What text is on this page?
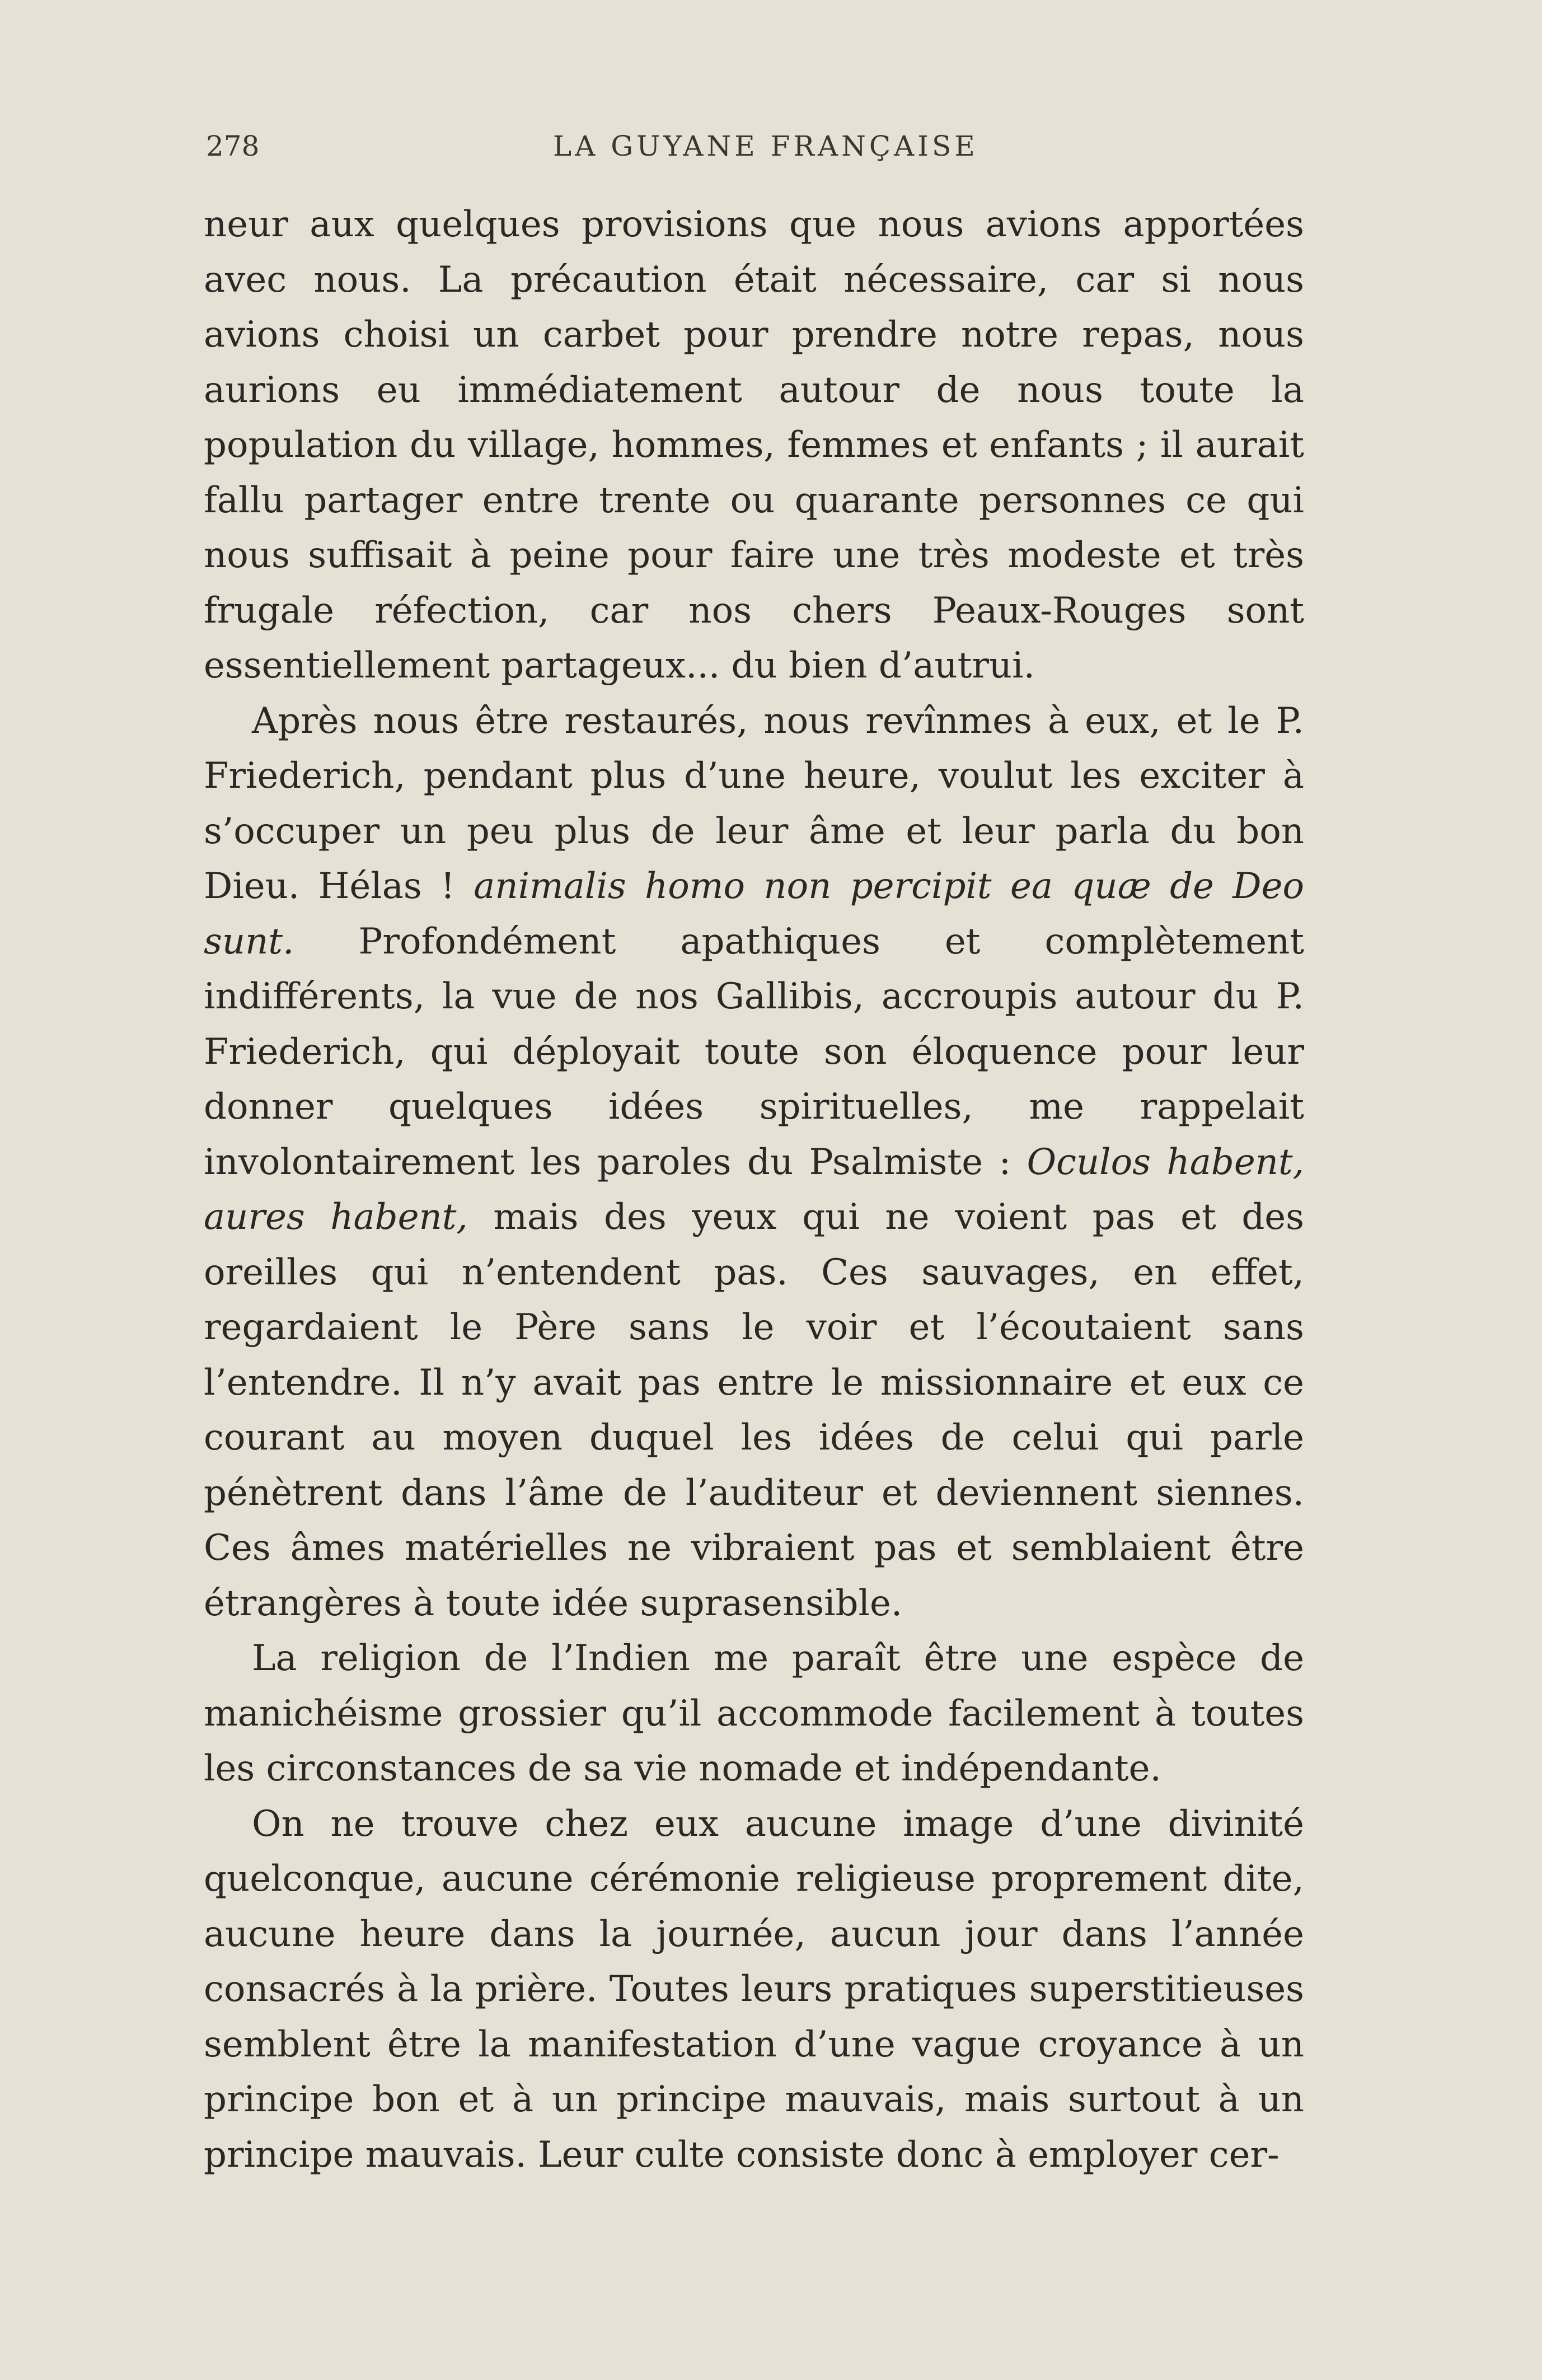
278	LA GUYANE FRANÇAISE

neur aux quelques provisions que nous avions apportées avec nous. La précaution était nécessaire, car si nous avions choisi un carbet pour prendre notre repas, nous aurions eu immédiatement autour de nous toute la population du village, hommes, femmes et enfants ; il aurait fallu partager entre trente ou quarante personnes ce qui nous suffisait à peine pour faire une très modeste et très frugale réfection, car nos chers Peaux-Rouges sont essentiellement partageux... du bien d’autrui.

Après nous être restaurés, nous revînmes à eux, et le P. Friederich, pendant plus d’une heure, voulut les exciter à s’occuper un peu plus de leur âme et leur parla du bon Dieu. Hélas ! animalis homo non percipit ea quæ de Deo sunt. Profondément apathiques et complètement indifférents, la vue de nos Gallibis, accroupis autour du P. Friederich, qui déployait toute son éloquence pour leur donner quelques idées spirituelles, me rappelait involontairement les paroles du Psalmiste : Oculos habent, aures habent, mais des yeux qui ne voient pas et des oreilles qui n’entendent pas. Ces sauvages, en effet, regardaient le Père sans le voir et l’écoutaient sans l’entendre. Il n’y avait pas entre le missionnaire et eux ce courant au moyen duquel les idées de celui qui parle pénètrent dans l’âme de l’auditeur et deviennent siennes. Ces âmes matérielles ne vibraient pas et semblaient être étrangères à toute idée suprasensible.

La religion de l’Indien me paraît être une espèce de manichéisme grossier qu’il accommode facilement à toutes les circonstances de sa vie nomade et indépendante.

On ne trouve chez eux aucune image d’une divinité quelconque, aucune cérémonie religieuse proprement dite, aucune heure dans la journée, aucun jour dans l’année consacrés à la prière. Toutes leurs pratiques superstitieuses semblent être la manifestation d’une vague croyance à un principe bon et à un principe mauvais, mais surtout à un principe mauvais. Leur culte consiste donc à employer cer-
